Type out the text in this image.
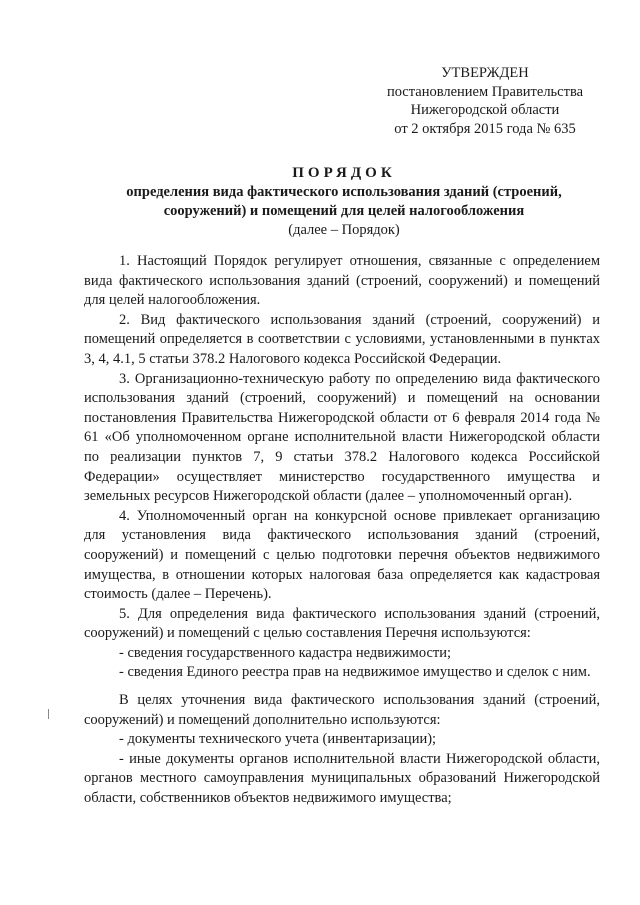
УТВЕРЖДЕН
постановлением Правительства
Нижегородской области
от 2 октября 2015 года № 635
ПОРЯДОК
определения вида фактического использования зданий (строений,
сооружений) и помещений для целей налогообложения
(далее – Порядок)

1. Настоящий Порядок регулирует отношения, связанные с определением вида фактического использования зданий (строений, сооружений) и помещений для целей налогообложения.

2. Вид фактического использования зданий (строений, сооружений) и помещений определяется в соответствии с условиями, установленными в пунктах 3, 4, 4.1, 5 статьи 378.2 Налогового кодекса Российской Федерации.

3. Организационно-техническую работу по определению вида фактического использования зданий (строений, сооружений) и помещений на основании постановления Правительства Нижегородской области от 6 февраля 2014 года № 61 «Об уполномоченном органе исполнительной власти Нижегородской области по реализации пунктов 7, 9 статьи 378.2 Налогового кодекса Российской Федерации» осуществляет министерство государственного имущества и земельных ресурсов Нижегородской области (далее – уполномоченный орган).

4. Уполномоченный орган на конкурсной основе привлекает организацию для установления вида фактического использования зданий (строений, сооружений) и помещений с целью подготовки перечня объектов недвижимого имущества, в отношении которых налоговая база определяется как кадастровая стоимость (далее – Перечень).

5. Для определения вида фактического использования зданий (строений, сооружений) и помещений с целью составления Перечня используются:

- сведения государственного кадастра недвижимости;

- сведения Единого реестра прав на недвижимое имущество и сделок с ним.

В целях уточнения вида фактического использования зданий (строений, сооружений) и помещений дополнительно используются:

- документы технического учета (инвентаризации);

- иные документы органов исполнительной власти Нижегородской области, органов местного самоуправления муниципальных образований Нижегородской области, собственников объектов недвижимого имущества;
